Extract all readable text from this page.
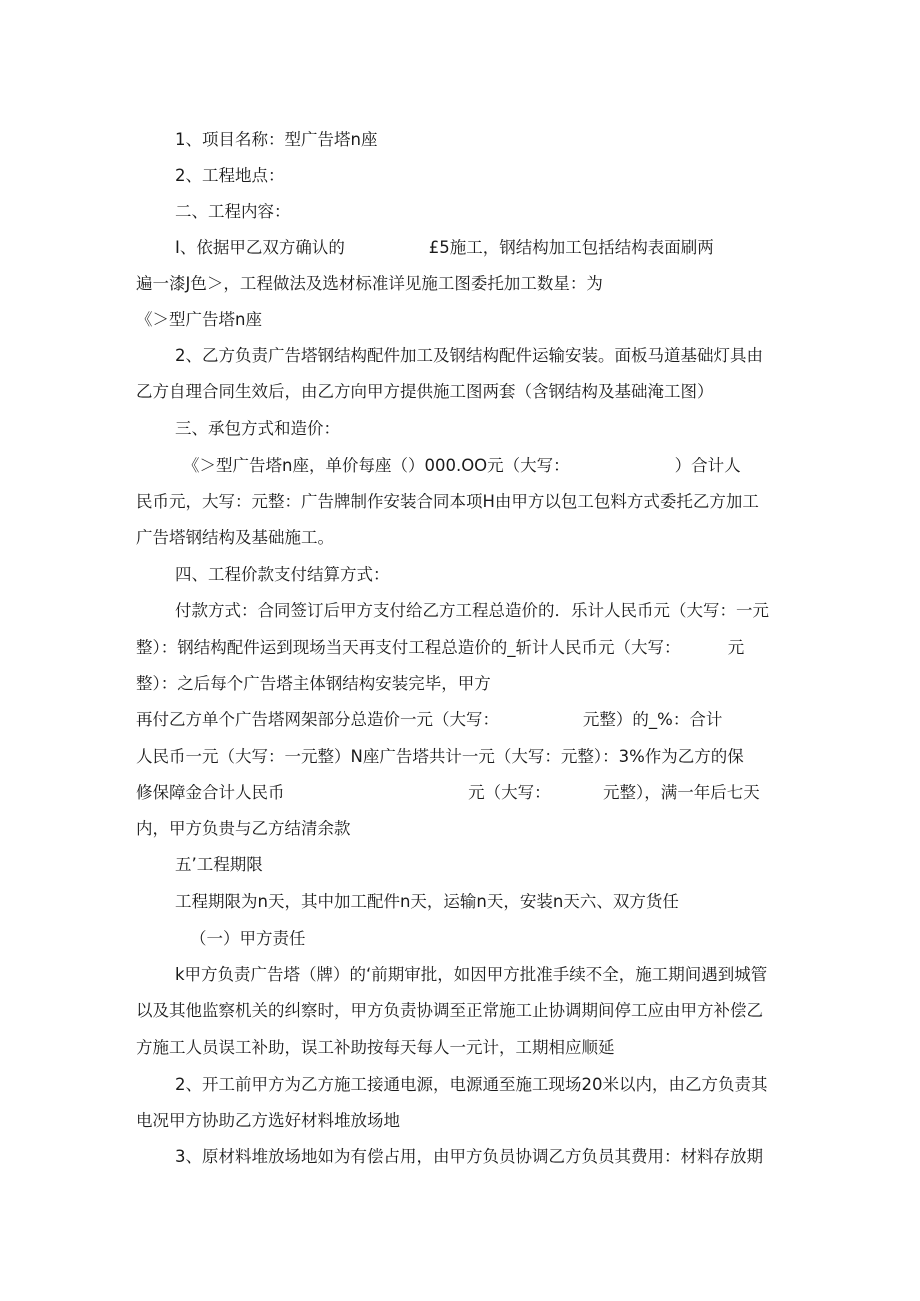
1、项目名称：型广告塔n座

2、工程地点：

二、工程内容：

I、依据甲乙双方确认的                £5施工，钢结构加工包括结构表面刷两

遍一漆J色＞，工程做法及选材标准详见施工图委托加工数星：为

《＞型广告塔n座

2、乙方负责广告塔钢结构配件加工及钢结构配件运输安装。面板马道基础灯具由

乙方自理合同生效后，由乙方向甲方提供施工图两套（含钢结构及基础淹工图）

三、承包方式和造价：

《＞型广告塔n座，单价每座（）000.OO元（大写：                    ）合计人

民币元，大写：元整：广告牌制作安装合同本项H由甲方以包工包料方式委托乙方加工

广告塔钢结构及基础施工。

四、工程价款支付结算方式：

付款方式：合同签订后甲方支付给乙方工程总造价的．乐计人民币元（大写：一元

整）：钢结构配件运到现场当天再支付工程总造价的_斩计人民币元（大写：         元

整）：之后每个广告塔主体钢结构安装完毕，甲方

再付乙方单个广告塔网架部分总造价一元（大写：                元整）的_%：合计

人民币一元（大写：一元整）N座广告塔共计一元（大写：元整）：3%作为乙方的保

修保障金合计人民币                                   元（大写：          元整），满一年后七天

内，甲方负贵与乙方结清余款

五’工程期限

工程期限为n天，其中加工配件n天，运输n天，安装n天六、双方货任

（一）甲方责任

k甲方负责广告塔（牌）的‘前期审批，如因甲方批准手续不全，施工期间遇到城管

以及其他监察机关的纠察时，甲方负责协调至正常施工止协调期间停工应由甲方补偿乙

方施工人员误工补助，误工补助按每天每人一元计，工期相应顺延

2、开工前甲方为乙方施工接通电源，电源通至施工现场20米以内，由乙方负责其

电况甲方协助乙方选好材料堆放场地

3、原材料堆放场地如为有偿占用，由甲方负员协调乙方负员其费用：材料存放期
